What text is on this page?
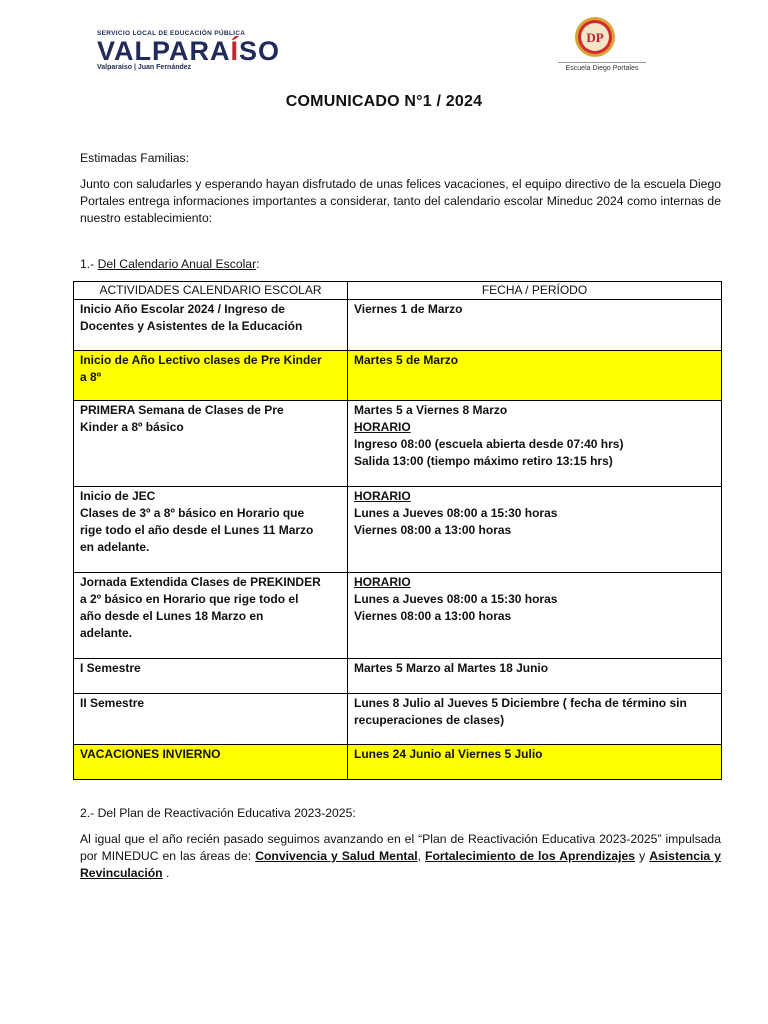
SERVICIO LOCAL DE EDUCACIÓN PÚBLICA
VALPARAÍSO
Valparaíso | Juan Fernández
DP
Escuela Diego Portales
COMUNICADO N°1 / 2024
Estimadas Familias:
Junto con saludarles y esperando hayan disfrutado de unas felices vacaciones, el equipo directivo de la escuela Diego Portales entrega informaciones importantes a considerar, tanto del calendario escolar Mineduc 2024 como internas de nuestro establecimiento:
1.- Del Calendario Anual Escolar:
ACTIVIDADES CALENDARIO ESCOLAR	FECHA / PERÍODO
Inicio Año Escolar 2024 / Ingreso de
Docentes y Asistentes de la Educación	Viernes 1 de Marzo
Inicio de Año Lectivo clases de Pre Kinder
a 8º	Martes 5 de Marzo
PRIMERA Semana de Clases de Pre
Kinder a 8º básico	Martes 5 a Viernes 8 Marzo
HORARIO
Ingreso 08:00 (escuela abierta desde 07:40 hrs)
Salida 13:00 (tiempo máximo retiro 13:15 hrs)
Inicio de JEC
Clases de 3º a 8º básico en Horario que
rige todo el año desde el Lunes 11 Marzo
en adelante.	HORARIO
Lunes a Jueves 08:00 a 15:30 horas
Viernes 08:00 a 13:00 horas
Jornada Extendida Clases de PREKINDER
a 2º básico en Horario que rige todo el
año desde el Lunes 18 Marzo en
adelante.	HORARIO
Lunes a Jueves 08:00 a 15:30 horas
Viernes 08:00 a 13:00 horas
I Semestre	Martes 5 Marzo al Martes 18 Junio
II Semestre	Lunes 8 Julio al Jueves 5 Diciembre ( fecha de término sin
recuperaciones de clases)
VACACIONES INVIERNO	Lunes 24 Junio al Viernes 5 Julio
2.- Del Plan de Reactivación Educativa 2023-2025:
Al igual que el año recién pasado seguimos avanzando en el “Plan de Reactivación Educativa 2023-2025” impulsada por MINEDUC en las áreas de: Convivencia y Salud Mental, Fortalecimiento de los Aprendizajes y Asistencia y Revinculación .
